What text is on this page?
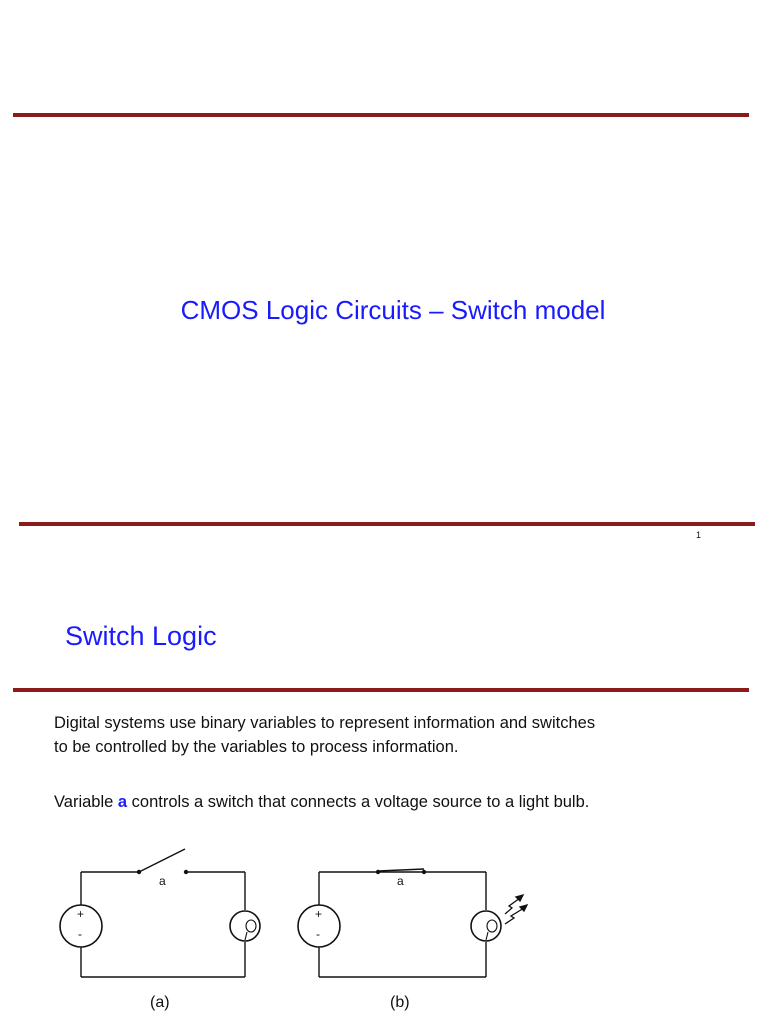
CMOS Logic Circuits – Switch model
1
Switch Logic
Digital systems use binary variables to represent information and switches
to be controlled by the variables to process information.
Variable a controls a switch that connects a voltage source to a light bulb.
a
+
-
(a)
a
+
-
(b)
